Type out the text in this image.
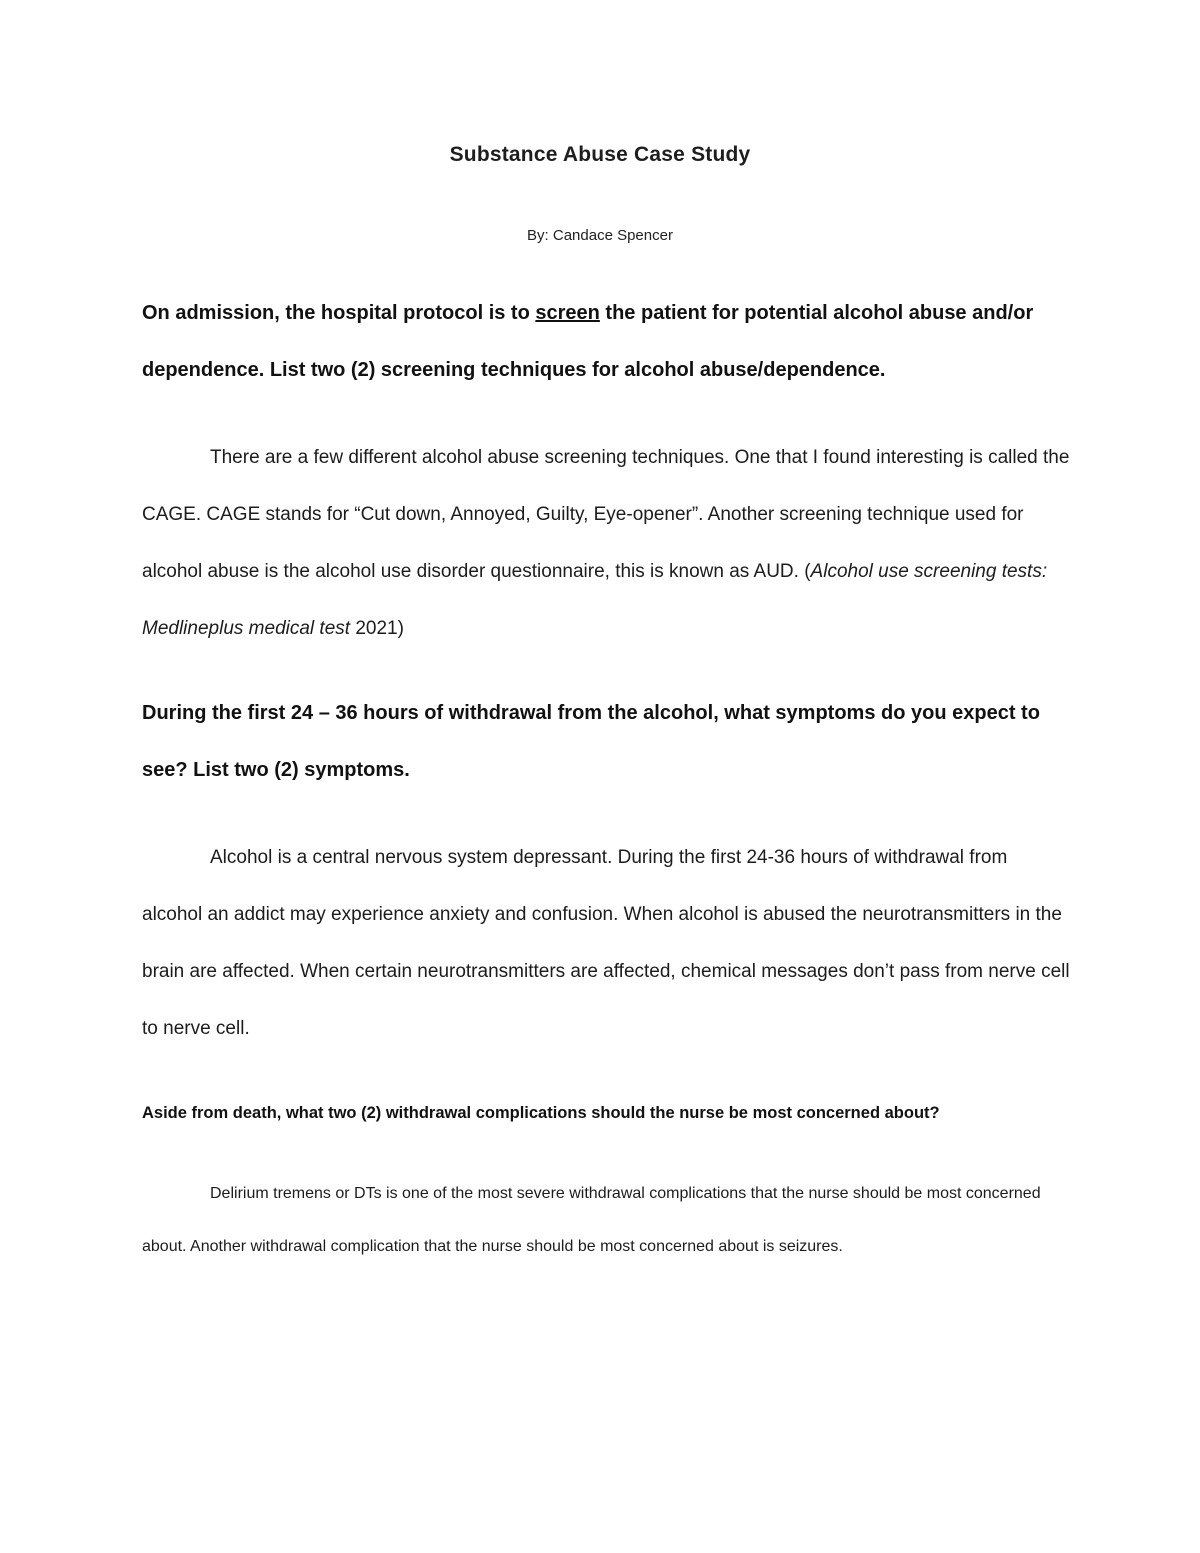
Substance Abuse Case Study

By: Candace Spencer

On admission, the hospital protocol is to screen the patient for potential alcohol abuse and/or dependence. List two (2) screening techniques for alcohol abuse/dependence.

There are a few different alcohol abuse screening techniques. One that I found interesting is called the CAGE. CAGE stands for “Cut down, Annoyed, Guilty, Eye-opener”. Another screening technique used for alcohol abuse is the alcohol use disorder questionnaire, this is known as AUD. (Alcohol use screening tests: Medlineplus medical test 2021)

During the first 24 – 36 hours of withdrawal from the alcohol, what symptoms do you expect to see? List two (2) symptoms.

Alcohol is a central nervous system depressant. During the first 24-36 hours of withdrawal from alcohol an addict may experience anxiety and confusion. When alcohol is abused the neurotransmitters in the brain are affected. When certain neurotransmitters are affected, chemical messages don’t pass from nerve cell to nerve cell.

Aside from death, what two (2) withdrawal complications should the nurse be most concerned about?

Delirium tremens or DTs is one of the most severe withdrawal complications that the nurse should be most concerned about. Another withdrawal complication that the nurse should be most concerned about is seizures.
